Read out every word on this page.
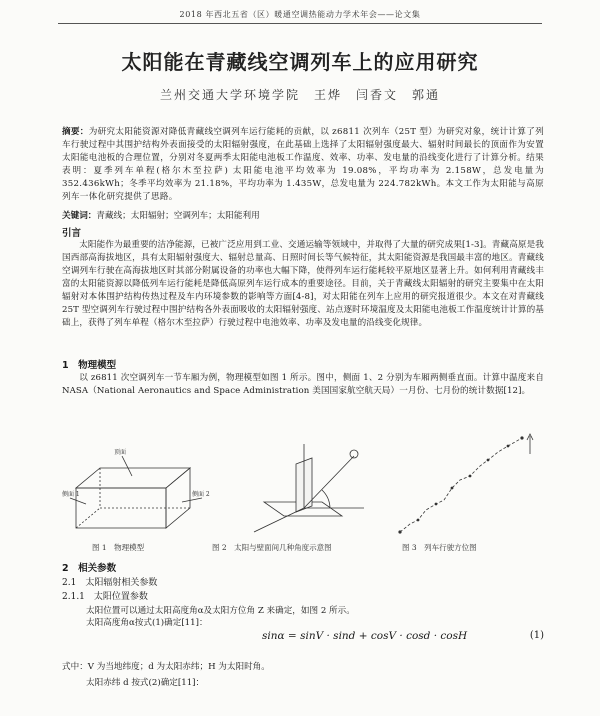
2018 年西北五省（区）暖通空调热能动力学术年会——论文集
太阳能在青藏线空调列车上的应用研究
兰州交通大学环境学院　王烨　闫香文　郭通
摘要：为研究太阳能资源对降低青藏线空调列车运行能耗的贡献，以 z6811 次列车（25T 型）为研究对象，统计计算了列车行驶过程中其围护结构外表面接受的太阳辐射强度，在此基础上选择了太阳辐射强度最大、辐射时间最长的顶面作为安置太阳能电池板的合理位置，分别对冬夏两季太阳能电池板工作温度、效率、功率、发电量的沿线变化进行了计算分析。结果表明：夏季列车单程(格尔木至拉萨) 太阳能电池平均效率为 19.08%，平均功率为 2.158W，总发电量为 352.436kWh；冬季平均效率为 21.18%，平均功率为 1.435W，总发电量为 224.782kWh。本文工作为太阳能与高原列车一体化研究提供了思路。
关键词：青藏线；太阳辐射；空调列车；太阳能利用
引言
太阳能作为最重要的洁净能源，已被广泛应用到工业、交通运输等领域中，并取得了大量的研究成果[1-3]。青藏高原是我国西部高海拔地区，具有太阳辐射强度大、辐射总量高、日照时间长等气候特征，其太阳能资源是我国最丰富的地区。青藏线空调列车行驶在高海拔地区时其部分附属设备的功率也大幅下降，使得列车运行能耗较平原地区显著上升。如何利用青藏线丰富的太阳能资源以降低列车运行能耗是降低高原列车运行成本的重要途径。目前，关于青藏线太阳辐射的研究主要集中在太阳辐射对本体围护结构传热过程及车内环境参数的影响等方面[4-8]，对太阳能在列车上应用的研究报道很少。本文在对青藏线 25T 型空调列车行驶过程中围护结构各外表面吸收的太阳辐射强度、站点逐时环境温度及太阳能电池板工作温度统计计算的基础上，获得了列车单程（格尔木至拉萨）行驶过程中电池效率、功率及发电量的沿线变化规律。
1　物理模型
以 z6811 次空调列车一节车厢为例，物理模型如图 1 所示。图中，侧面 1、2 分别为车厢两侧垂直面。计算中温度来自 NASA（National Aeronautics and Space Administration 美国国家航空航天局）一月份、七月份的统计数据[12]。
顶面
侧面 1	侧面 2
图 1　物理模型	图 2　太阳与壁面间几种角度示意图	图 3　列车行驶方位图
2　相关参数
2.1　太阳辐射相关参数
2.1.1　太阳位置参数
太阳位置可以通过太阳高度角α及太阳方位角 Z 来确定，如图 2 所示。
太阳高度角α按式(1)确定[11]：
sinα = sinV · sind + cosV · cosd · cosH	(1)
式中：V 为当地纬度；d 为太阳赤纬；H 为太阳时角。
太阳赤纬 d 按式(2)确定[11]：
